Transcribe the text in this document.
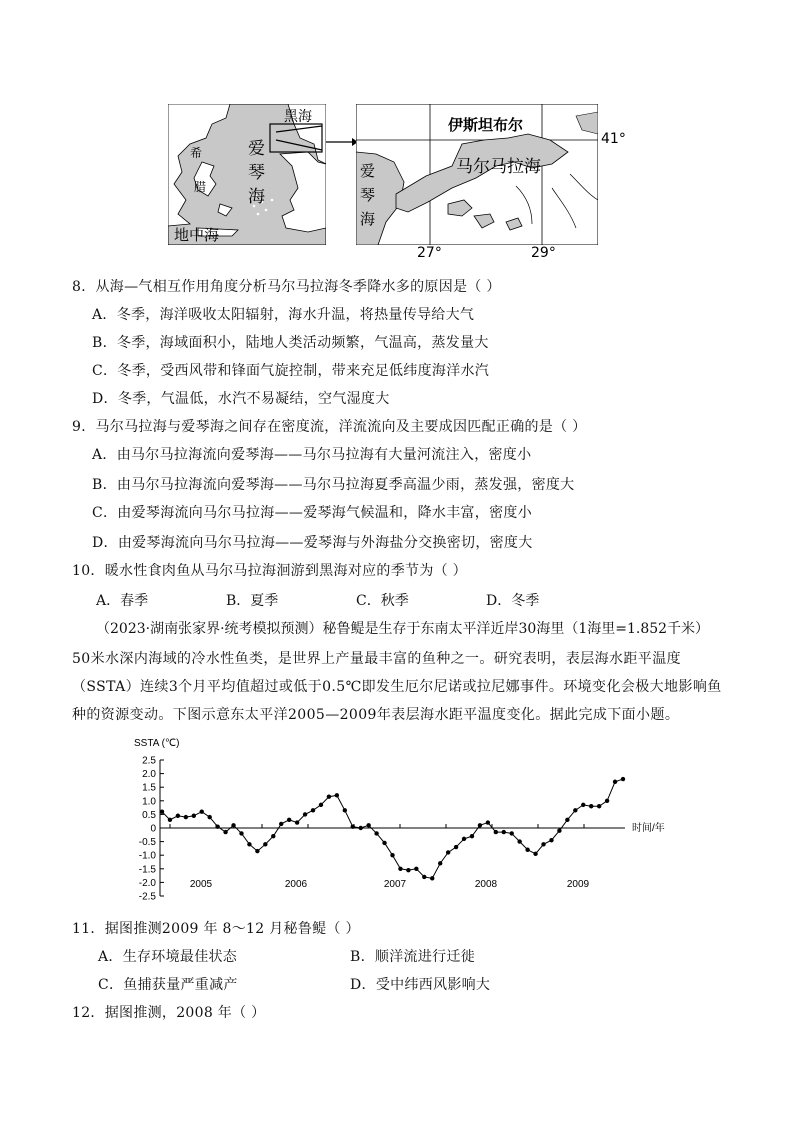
黑海
希
腊
爱
琴
海
地中海
伊斯坦布尔
马尔马拉海
爱
琴
海
41°
27°	29°
8．从海—气相互作用角度分析马尔马拉海冬季降水多的原因是（ ）
A．冬季，海洋吸收太阳辐射，海水升温，将热量传导给大气
B．冬季，海域面积小，陆地人类活动频繁，气温高，蒸发量大
C．冬季，受西风带和锋面气旋控制，带来充足低纬度海洋水汽
D．冬季，气温低，水汽不易凝结，空气湿度大
9．马尔马拉海与爱琴海之间存在密度流，洋流流向及主要成因匹配正确的是（ ）
A．由马尔马拉海流向爱琴海——马尔马拉海有大量河流注入，密度小
B．由马尔马拉海流向爱琴海——马尔马拉海夏季高温少雨，蒸发强，密度大
C．由爱琴海流向马尔马拉海——爱琴海气候温和，降水丰富，密度小
D．由爱琴海流向马尔马拉海——爱琴海与外海盐分交换密切，密度大
10．暖水性食肉鱼从马尔马拉海洄游到黑海对应的季节为（ ）
A．春季	B．夏季	C．秋季	D．冬季
（2023·湖南张家界·统考模拟预测）秘鲁鳀是生存于东南太平洋近岸30海里（1海里=1.852千米）
50米水深内海域的冷水性鱼类，是世界上产量最丰富的鱼种之一。研究表明，表层海水距平温度
（SSTA）连续3个月平均值超过或低于0.5℃即发生厄尔尼诺或拉尼娜事件。环境变化会极大地影响鱼
种的资源变动。下图示意东太平洋2005—2009年表层海水距平温度变化。据此完成下面小题。
SSTA (℃)
时间/年
2.5
2.0
1.5
1.0
0.5
0
-0.5
-1.0
-1.5
-2.0
-2.5
2005	2006	2007	2008	2009
11．据图推测2009 年 8～12 月秘鲁鳀（ ）
A．生存环境最佳状态	B．顺洋流进行迁徙
C．鱼捕获量严重减产	D．受中纬西风影响大
12．据图推测，2008 年（ ）
